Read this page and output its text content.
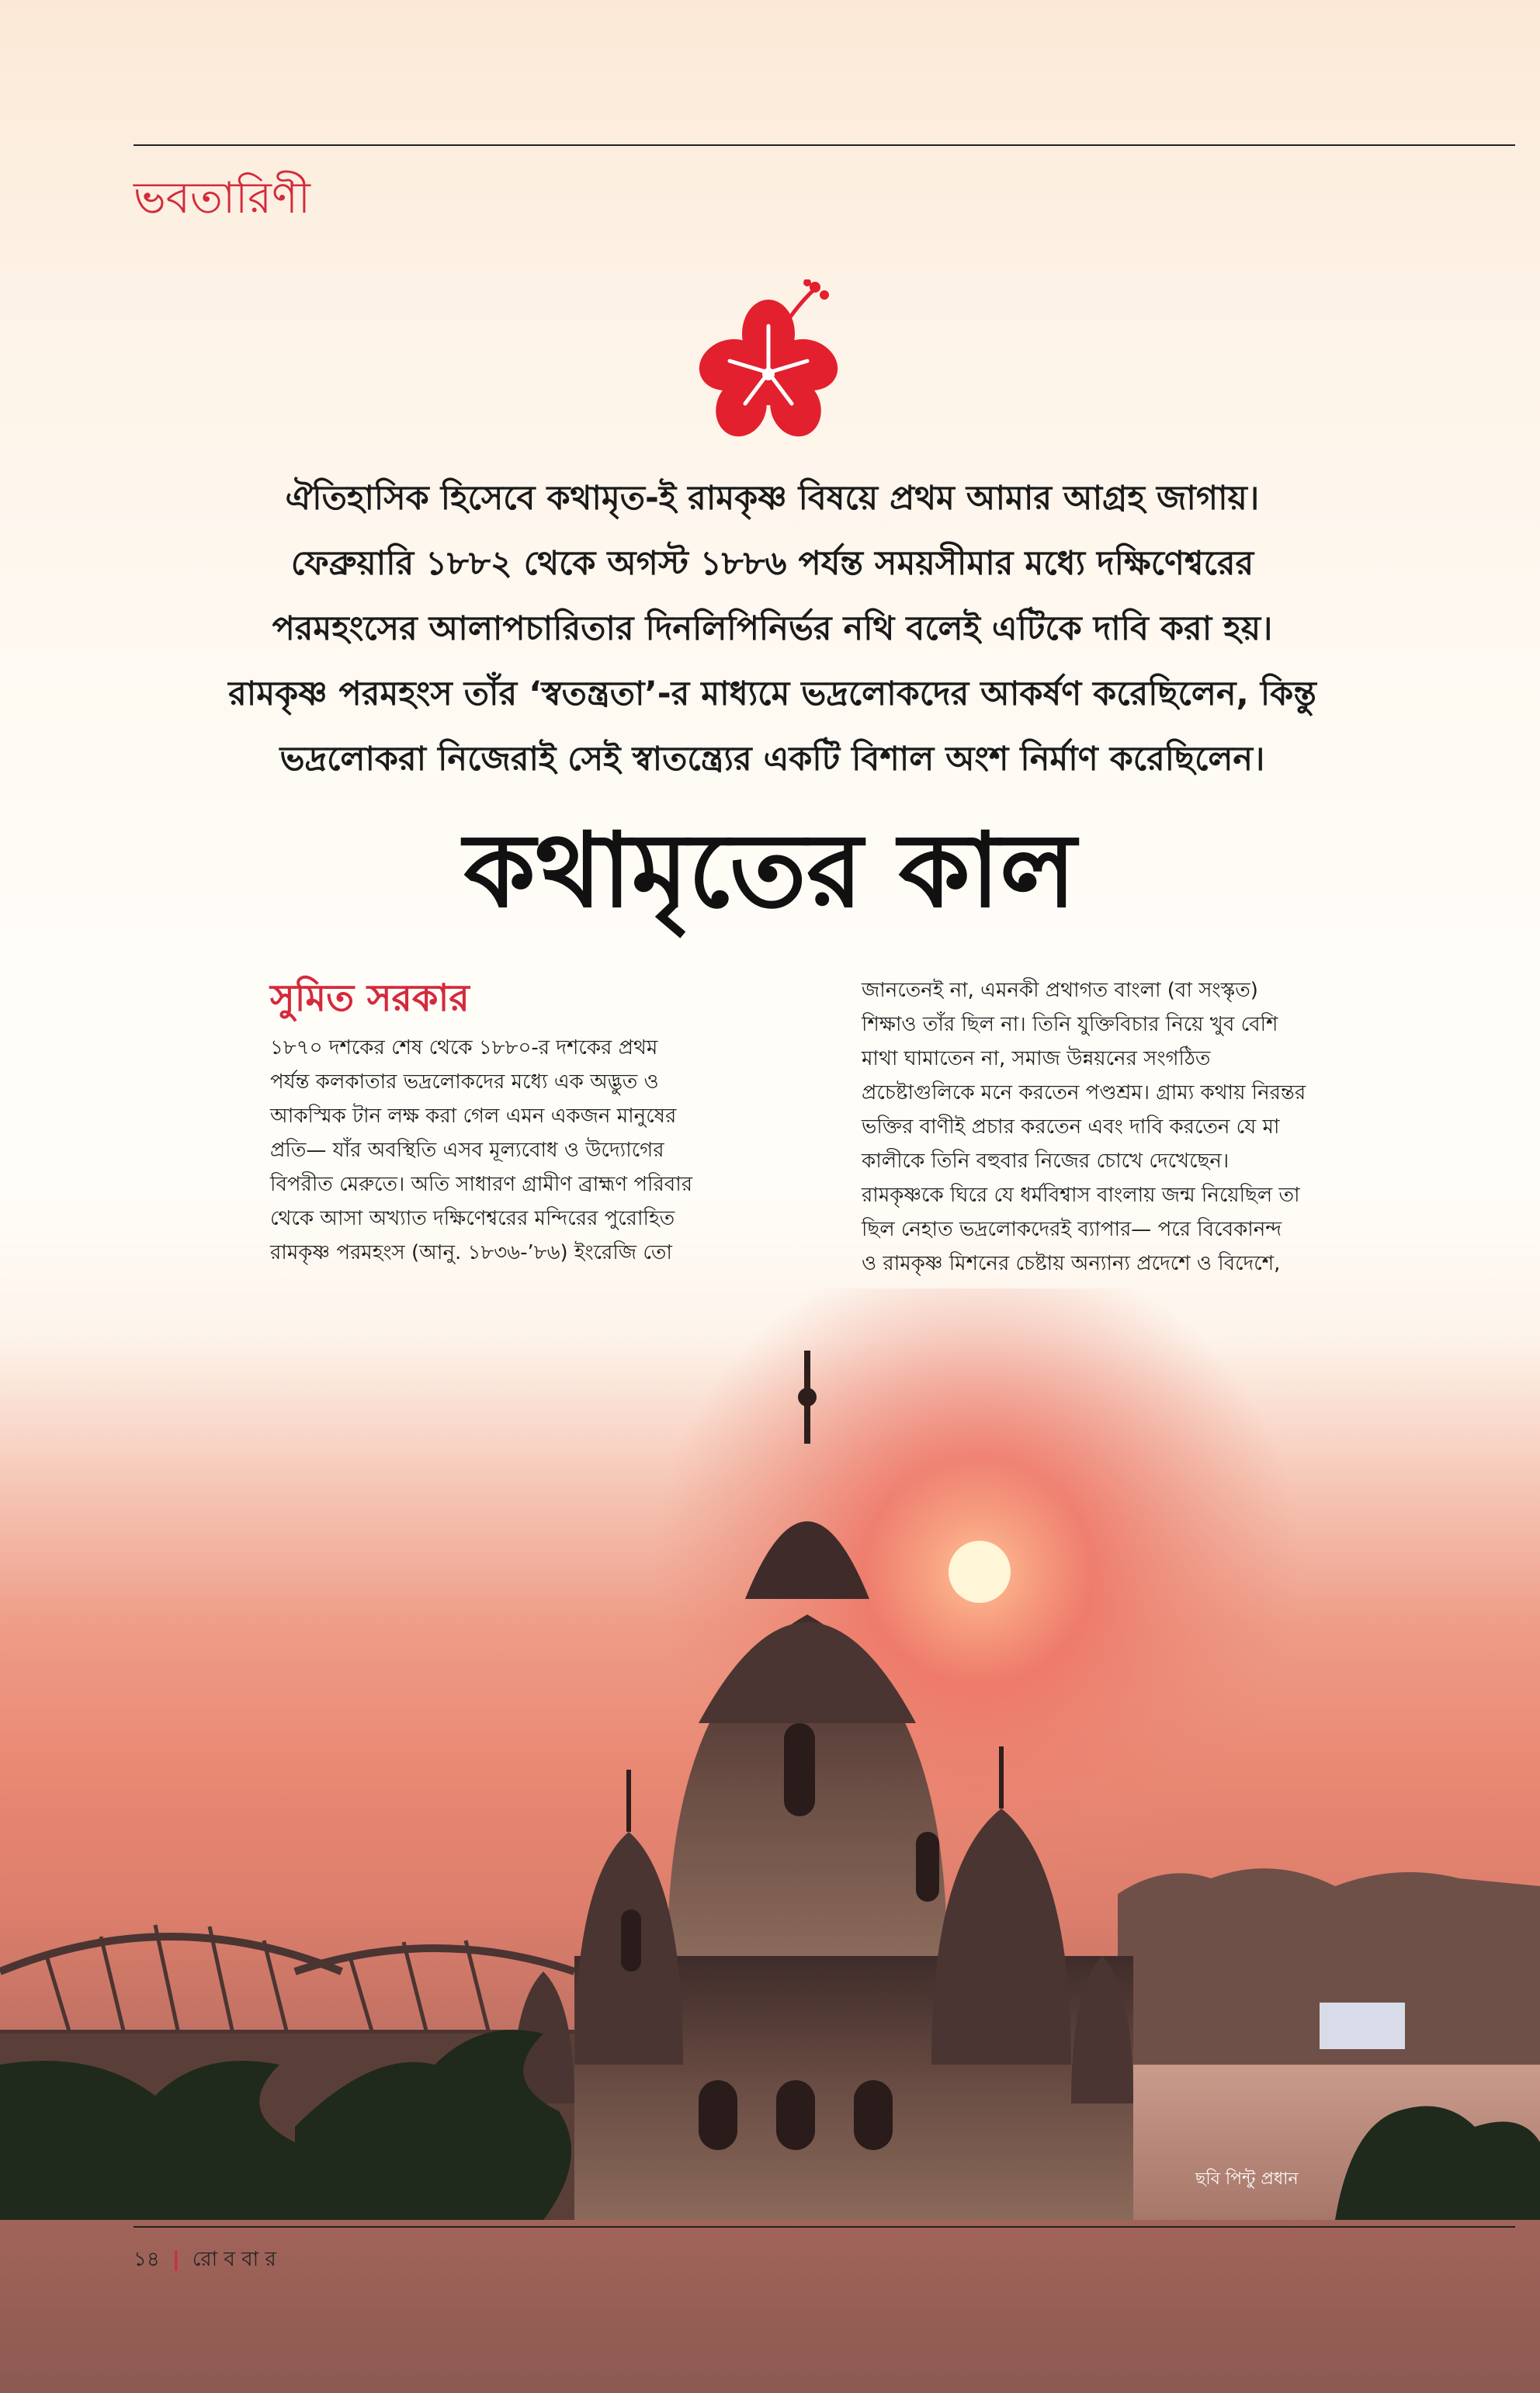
ভবতারিণী
ঐতিহাসিক হিসেবে কথামৃত-ই রামকৃষ্ণ বিষয়ে প্রথম আমার আগ্রহ জাগায়।
ফেব্রুয়ারি ১৮৮২ থেকে অগস্ট ১৮৮৬ পর্যন্ত সময়সীমার মধ্যে দক্ষিণেশ্বরের
পরমহংসের আলাপচারিতার দিনলিপিনির্ভর নথি বলেই এটিকে দাবি করা হয়।
রামকৃষ্ণ পরমহংস তাঁর ‘স্বতন্ত্রতা’-র মাধ্যমে ভদ্রলোকদের আকর্ষণ করেছিলেন, কিন্তু
ভদ্রলোকরা নিজেরাই সেই স্বাতন্ত্র্যের একটি বিশাল অংশ নির্মাণ করেছিলেন।
কথামৃতের কাল
সুমিত সরকার
১৮৭০ দশকের শেষ থেকে ১৮৮০-র দশকের প্রথম
পর্যন্ত কলকাতার ভদ্রলোকদের মধ্যে এক অদ্ভুত ও
আকস্মিক টান লক্ষ করা গেল এমন একজন মানুষের
প্রতি— যাঁর অবস্থিতি এসব মূল্যবোধ ও উদ্যোগের
বিপরীত মেরুতে। অতি সাধারণ গ্রামীণ ব্রাহ্মণ পরিবার
থেকে আসা অখ্যাত দক্ষিণেশ্বরের মন্দিরের পুরোহিত
রামকৃষ্ণ পরমহংস (আনু. ১৮৩৬-’৮৬) ইংরেজি তো
জানতেনই না, এমনকী প্রথাগত বাংলা (বা সংস্কৃত)
শিক্ষাও তাঁর ছিল না। তিনি যুক্তিবিচার নিয়ে খুব বেশি
মাথা ঘামাতেন না, সমাজ উন্নয়নের সংগঠিত
প্রচেষ্টাগুলিকে মনে করতেন পণ্ডশ্রম। গ্রাম্য কথায় নিরন্তর
ভক্তির বাণীই প্রচার করতেন এবং দাবি করতেন যে মা
কালীকে তিনি বহুবার নিজের চোখে দেখেছেন।
রামকৃষ্ণকে ঘিরে যে ধর্মবিশ্বাস বাংলায় জন্ম নিয়েছিল তা
ছিল নেহাত ভদ্রলোকদেরই ব্যাপার— পরে বিবেকানন্দ
ও রামকৃষ্ণ মিশনের চেষ্টায় অন্যান্য প্রদেশে ও বিদেশে,
ছবি পিন্টু প্রধান
১৪ | রো ব বা র
